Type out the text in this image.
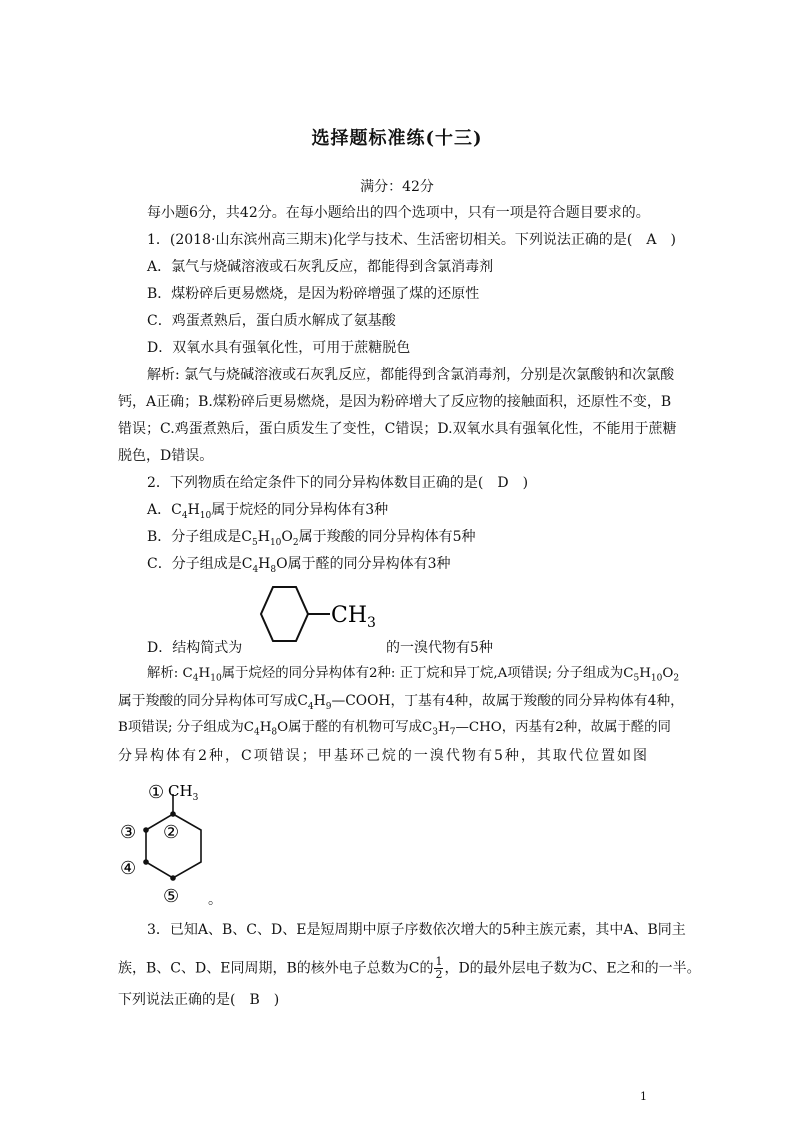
选择题标准练(十三)
满分：42分
每小题6分，共42分。在每小题给出的四个选项中，只有一项是符合题目要求的。
1．(2018·山东滨州高三期末)化学与技术、生活密切相关。下列说法正确的是(　A　)
A．氯气与烧碱溶液或石灰乳反应，都能得到含氯消毒剂
B．煤粉碎后更易燃烧，是因为粉碎增强了煤的还原性
C．鸡蛋煮熟后，蛋白质水解成了氨基酸
D．双氧水具有强氧化性，可用于蔗糖脱色
解析: 氯气与烧碱溶液或石灰乳反应，都能得到含氯消毒剂，分别是次氯酸钠和次氯酸
钙，A正确；B.煤粉碎后更易燃烧，是因为粉碎增大了反应物的接触面积，还原性不变，B
错误；C.鸡蛋煮熟后，蛋白质发生了变性，C错误；D.双氧水具有强氧化性，不能用于蔗糖
脱色，D错误。
2．下列物质在给定条件下的同分异构体数目正确的是(　D　)
A．$C_4H_{10}$属于烷烃的同分异构体有3种
B．分子组成是$C_5H_{10}O_2$属于羧酸的同分异构体有5种
C．分子组成是$C_4H_8O$属于醛的同分异构体有3种
D．结构简式为
$CH_3$
的一溴代物有5种
解析: $C_4H_{10}$属于烷烃的同分异构体有2种: 正丁烷和异丁烷,A项错误; 分子组成为$C_5H_{10}O_2$
属于羧酸的同分异构体可写成$C_4H_9—COOH$，丁基有4种，故属于羧酸的同分异构体有4种，
B项错误; 分子组成为$C_4H_8O$属于醛的有机物可写成$C_3H_7—CHO$，丙基有2种，故属于醛的同
分异构体有2种，C项错误；甲基环己烷的一溴代物有5种，其取代位置如图
$CH_3$
①
②
③
④
⑤ 。
3．已知A、B、C、D、E是短周期中原子序数依次增大的5种主族元素，其中A、B同主
族，B、C、D、E同周期，B的核外电子总数为C的 $\frac{1}{2}$ ，D的最外层电子数为C、E之和的一半。
下列说法正确的是(　B　)
1
